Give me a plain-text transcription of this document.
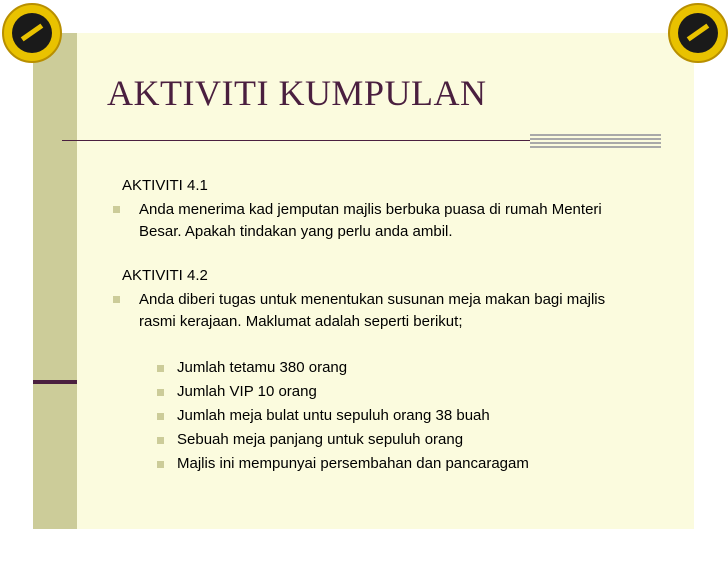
AKTIVITI KUMPULAN
AKTIVITI 4.1
Anda menerima kad jemputan majlis berbuka puasa di rumah Menteri Besar. Apakah tindakan yang perlu anda ambil.
AKTIVITI 4.2
Anda diberi tugas untuk menentukan susunan meja makan bagi majlis rasmi kerajaan. Maklumat adalah seperti berikut;
Jumlah tetamu 380 orang
Jumlah VIP 10 orang
Jumlah meja bulat untu sepuluh orang 38 buah
Sebuah meja panjang untuk sepuluh orang
Majlis ini mempunyai persembahan dan pancaragam
